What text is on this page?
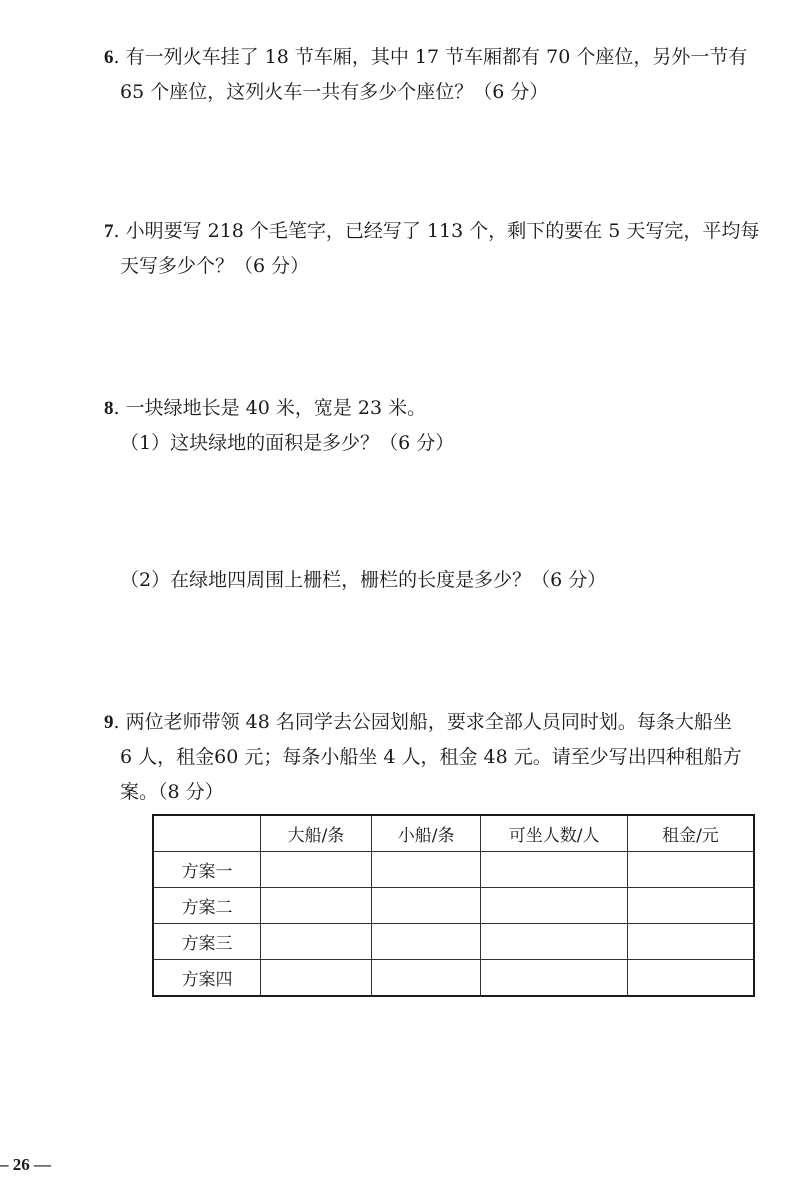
6. 有一列火车挂了 18 节车厢，其中 17 节车厢都有 70 个座位，另外一节有

65 个座位，这列火车一共有多少个座位？（6 分）
7. 小明要写 218 个毛笔字，已经写了 113 个，剩下的要在 5 天写完，平均每

天写多少个？（6 分）
8. 一块绿地长是 40 米，宽是 23 米。
（1）这块绿地的面积是多少？（6 分）
（2）在绿地四周围上栅栏，栅栏的长度是多少？（6 分）
9. 两位老师带领 48 名同学去公园划船，要求全部人员同时划。每条大船坐

6 人，租金60 元；每条小船坐 4 人，租金 48 元。请至少写出四种租船方
案。（8 分）
	大船/条	小船/条	可坐人数/人	租金/元
方案一				
方案二				
方案三				
方案四				
– 26 —
